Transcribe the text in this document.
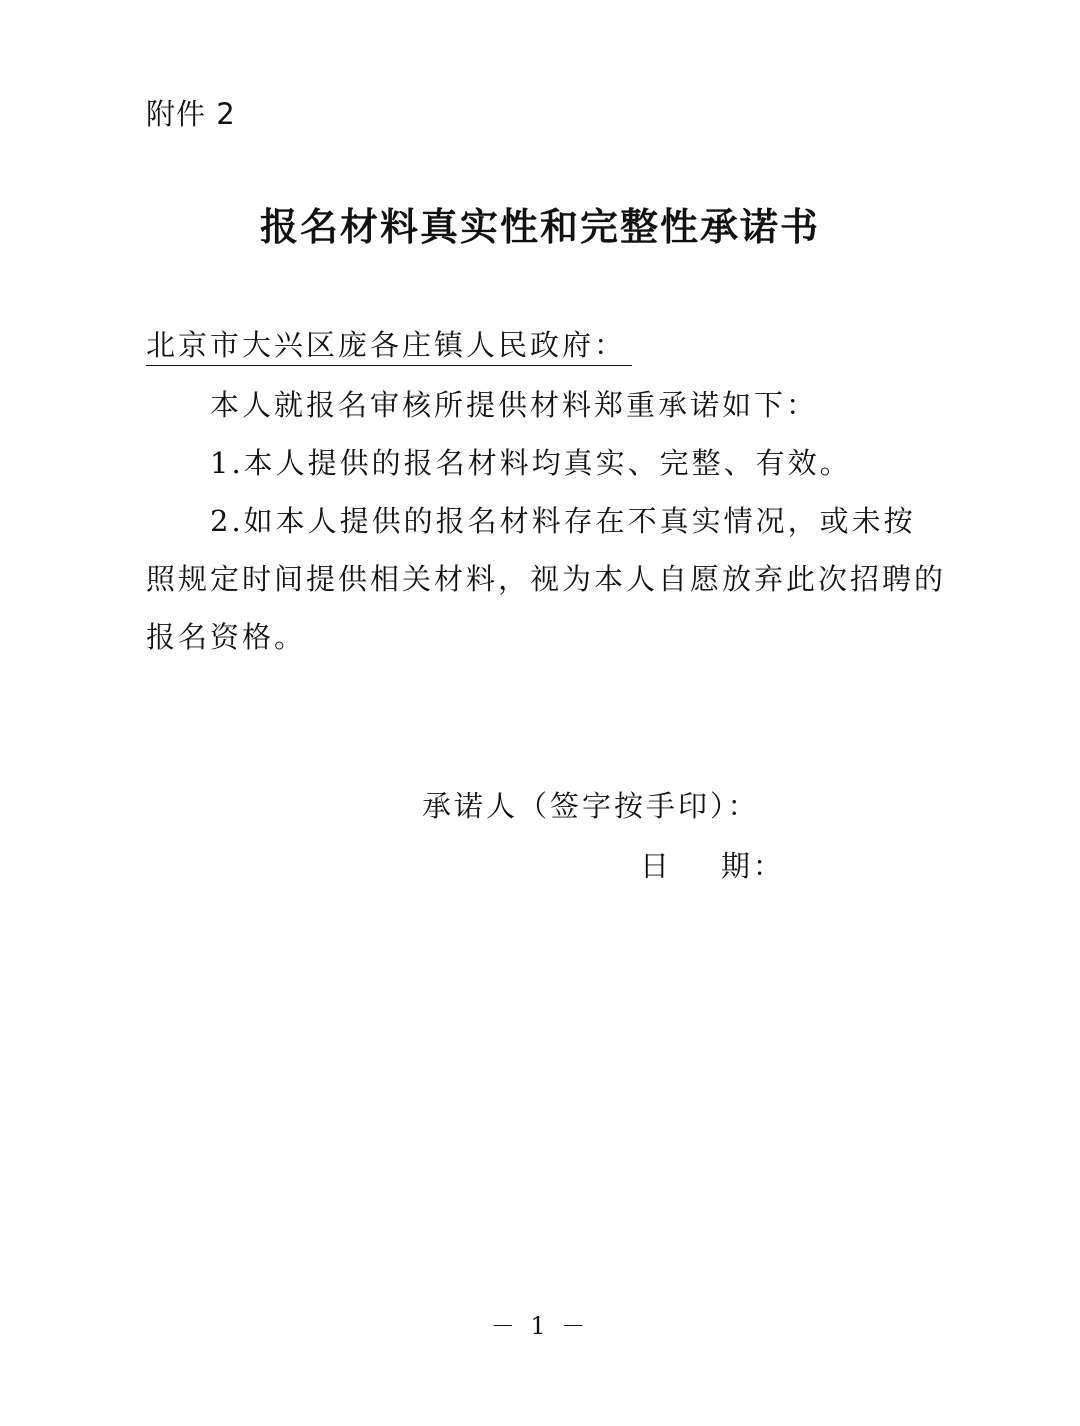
附件 2
报名材料真实性和完整性承诺书
北京市大兴区庞各庄镇人民政府：

本人就报名审核所提供材料郑重承诺如下：

1.本人提供的报名材料均真实、完整、有效。

2.如本人提供的报名材料存在不真实情况，或未按照规定时间提供相关材料，视为本人自愿放弃此次招聘的报名资格。

承诺人（签字按手印）：
日    期：
－ 1 －
